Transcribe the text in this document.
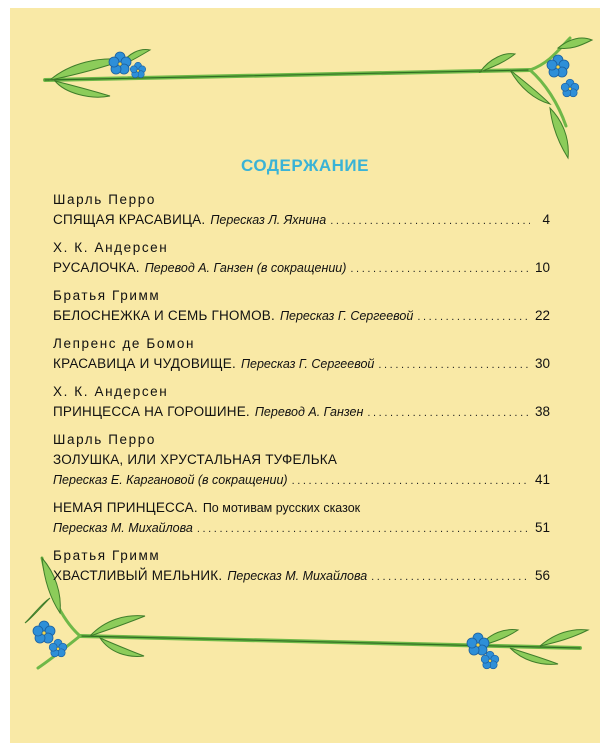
СОДЕРЖАНИЕ
Шарль Перро
СПЯЩАЯ КРАСАВИЦА. Пересказ Л. Яхнина .....	4
Х. К. Андерсен
РУСАЛОЧКА. Перевод А. Ганзен (в сокращении) .....	10
Братья Гримм
БЕЛОСНЕЖКА И СЕМЬ ГНОМОВ. Пересказ Г. Сергеевой .....	22
Лепренс де Бомон
КРАСАВИЦА И ЧУДОВИЩЕ. Пересказ Г. Сергеевой .....	30
Х. К. Андерсен
ПРИНЦЕССА НА ГОРОШИНЕ. Перевод А. Ганзен .....	38
Шарль Перро
ЗОЛУШКА, ИЛИ ХРУСТАЛЬНАЯ ТУФЕЛЬКА
Пересказ Е. Каргановой (в сокращении) .....	41
НЕМАЯ ПРИНЦЕССА. По мотивам русских сказок
Пересказ М. Михайлова .....	51
Братья Гримм
ХВАСТЛИВЫЙ МЕЛЬНИК. Пересказ М. Михайлова .....	56
